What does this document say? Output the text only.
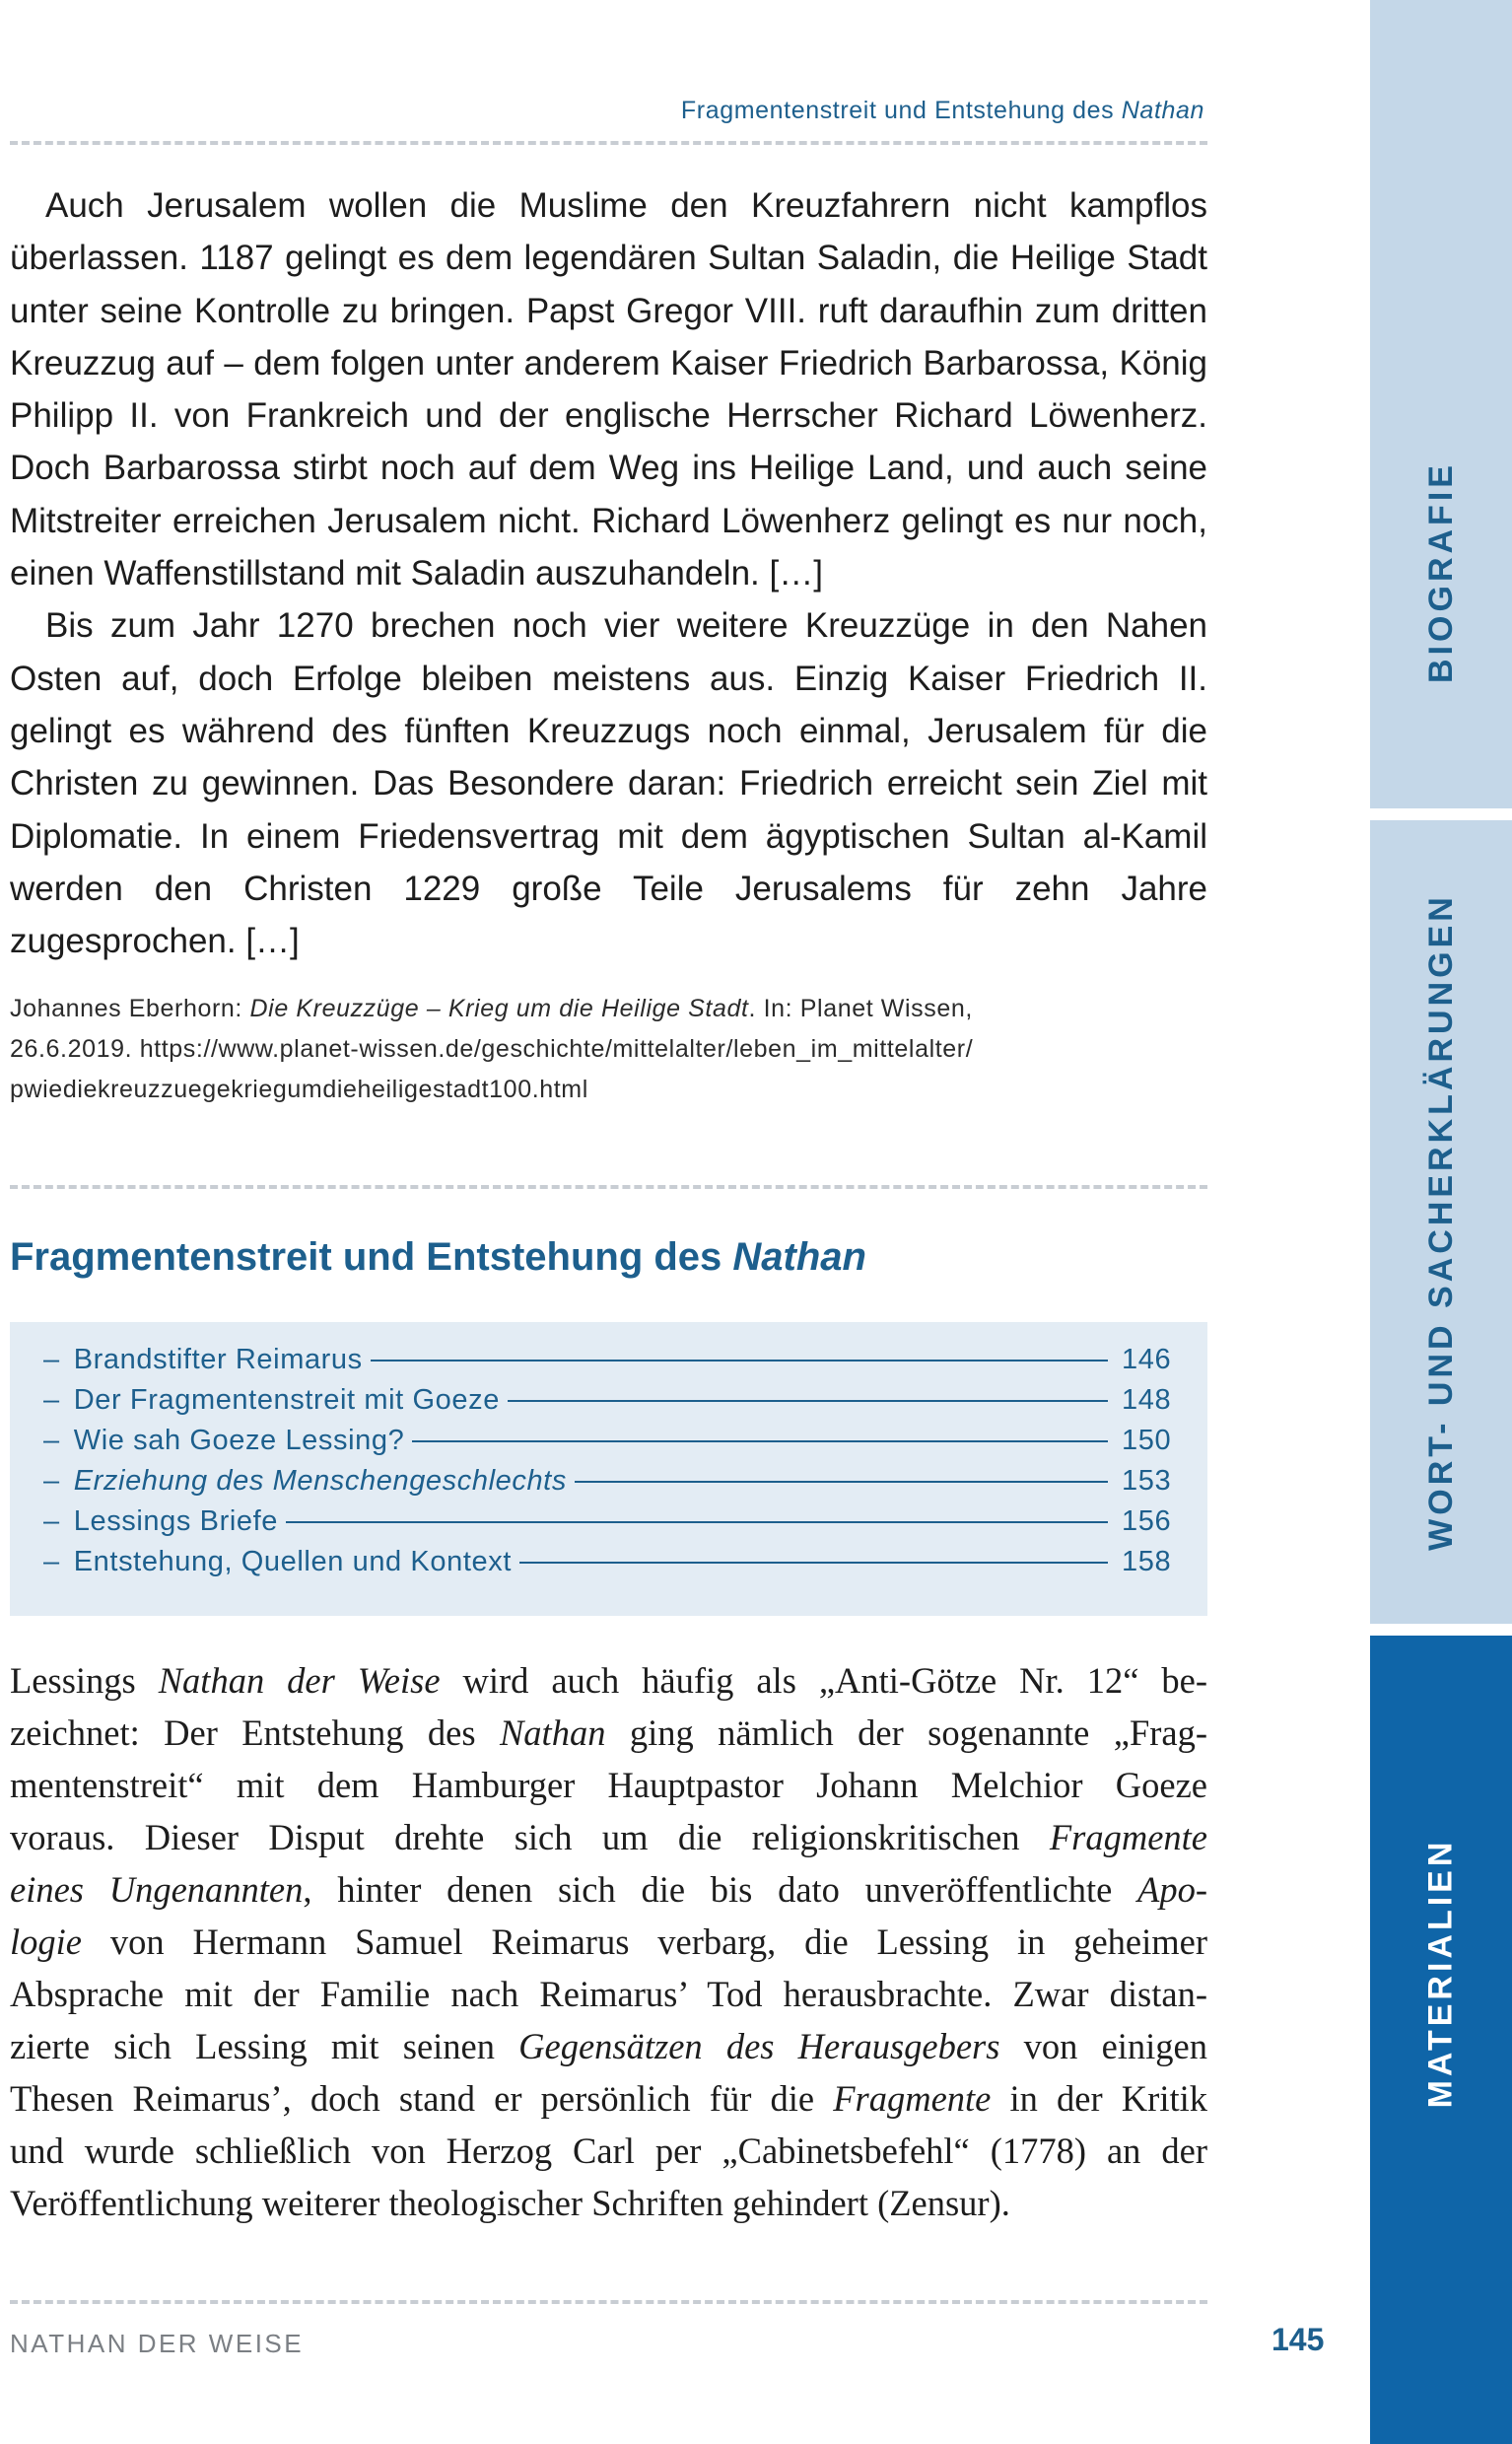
Fragmentenstreit und Entstehung des Nathan

Auch Jerusalem wollen die Muslime den Kreuzfahrern nicht kampflos überlassen. 1187 gelingt es dem legendären Sultan Saladin, die Heilige Stadt unter seine Kontrolle zu bringen. Papst Gregor VIII. ruft daraufhin zum dritten Kreuzzug auf – dem folgen unter anderem Kaiser Friedrich Barbarossa, König Philipp II. von Frankreich und der englische Herrscher Richard Löwenherz. Doch Barbarossa stirbt noch auf dem Weg ins Heilige Land, und auch seine Mitstreiter erreichen Jerusalem nicht. Richard Löwenherz gelingt es nur noch, einen Waffenstillstand mit Saladin auszuhandeln. […]

Bis zum Jahr 1270 brechen noch vier weitere Kreuzzüge in den Nahen Osten auf, doch Erfolge bleiben meistens aus. Einzig Kaiser Friedrich II. gelingt es während des fünften Kreuzzugs noch einmal, Jerusalem für die Christen zu gewinnen. Das Besondere daran: Friedrich erreicht sein Ziel mit Diplomatie. In einem Friedensvertrag mit dem ägyptischen Sultan al-Kamil werden den Christen 1229 große Teile Jerusalems für zehn Jahre zugesprochen. […]

Johannes Eberhorn: Die Kreuzzüge – Krieg um die Heilige Stadt. In: Planet Wissen,
26.6.2019. https://www.planet-wissen.de/geschichte/mittelalter/leben_im_mittelalter/
pwiediekreuzzuegekriegumdieheiligestadt100.html
Fragmentenstreit und Entstehung des Nathan
– Brandstifter Reimarus	146
– Der Fragmentenstreit mit Goeze	148
– Wie sah Goeze Lessing?	150
– Erziehung des Menschengeschlechts	153
– Lessings Briefe	156
– Entstehung, Quellen und Kontext	158
Lessings Nathan der Weise wird auch häufig als „Anti-Götze Nr. 12“ be-
zeichnet: Der Entstehung des Nathan ging nämlich der sogenannte „Frag-
mentenstreit“ mit dem Hamburger Hauptpastor Johann Melchior Goeze
voraus. Dieser Disput drehte sich um die religionskritischen Fragmente
eines Ungenannten, hinter denen sich die bis dato unveröffentlichte Apo-
logie von Hermann Samuel Reimarus verbarg, die Lessing in geheimer
Absprache mit der Familie nach Reimarus’ Tod herausbrachte. Zwar distan-
zierte sich Lessing mit seinen Gegensätzen des Herausgebers von einigen
Thesen Reimarus’, doch stand er persönlich für die Fragmente in der Kritik
und wurde schließlich von Herzog Carl per „Cabinetsbefehl“ (1778) an der
Veröffentlichung weiterer theologischer Schriften gehindert (Zensur).
NATHAN DER WEISE	145
BIOGRAFIE
WORT- UND SACHERKLÄRUNGEN
MATERIALIEN
